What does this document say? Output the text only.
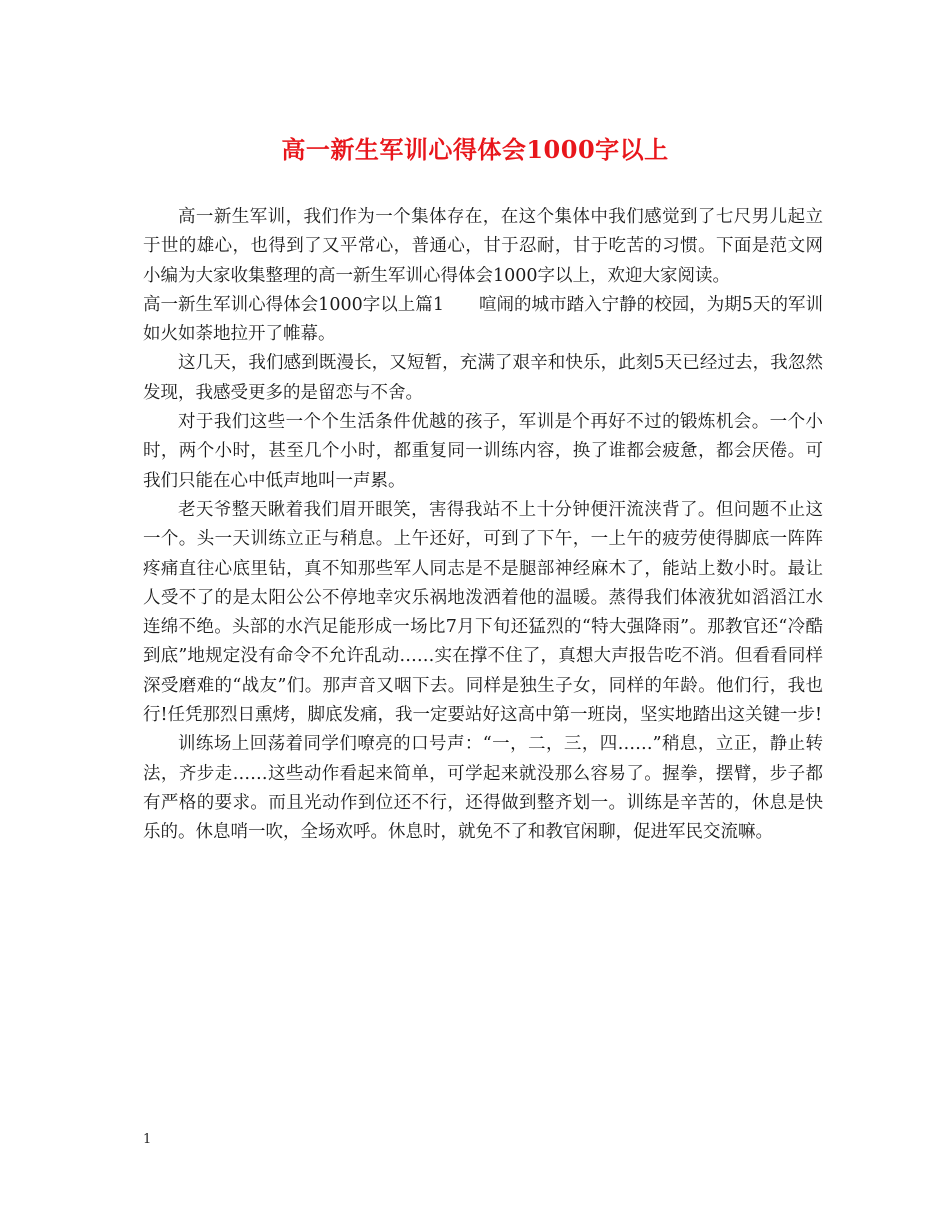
高一新生军训心得体会1000字以上

高一新生军训，我们作为一个集体存在，在这个集体中我们感觉到了七尺男儿起立于世的雄心，也得到了又平常心，普通心，甘于忍耐，甘于吃苦的习惯。下面是范文网小编为大家收集整理的高一新生军训心得体会1000字以上，欢迎大家阅读。

高一新生军训心得体会1000字以上篇1　　喧闹的城市踏入宁静的校园，为期5天的军训如火如荼地拉开了帷幕。

这几天，我们感到既漫长，又短暂，充满了艰辛和快乐，此刻5天已经过去，我忽然发现，我感受更多的是留恋与不舍。

对于我们这些一个个生活条件优越的孩子，军训是个再好不过的锻炼机会。一个小时，两个小时，甚至几个小时，都重复同一训练内容，换了谁都会疲惫，都会厌倦。可我们只能在心中低声地叫一声累。

老天爷整天瞅着我们眉开眼笑，害得我站不上十分钟便汗流浃背了。但问题不止这一个。头一天训练立正与稍息。上午还好，可到了下午，一上午的疲劳使得脚底一阵阵疼痛直往心底里钻，真不知那些军人同志是不是腿部神经麻木了，能站上数小时。最让人受不了的是太阳公公不停地幸灾乐祸地泼洒着他的温暖。蒸得我们体液犹如滔滔江水连绵不绝。头部的水汽足能形成一场比7月下旬还猛烈的“特大强降雨”。那教官还“冷酷到底”地规定没有命令不允许乱动……实在撑不住了，真想大声报告吃不消。但看看同样深受磨难的“战友”们。那声音又咽下去。同样是独生子女，同样的年龄。他们行，我也行!任凭那烈日熏烤，脚底发痛，我一定要站好这高中第一班岗，坚实地踏出这关键一步!

训练场上回荡着同学们嘹亮的口号声：“一，二，三，四……”稍息，立正，静止转法，齐步走……这些动作看起来简单，可学起来就没那么容易了。握拳，摆臂，步子都有严格的要求。而且光动作到位还不行，还得做到整齐划一。训练是辛苦的，休息是快乐的。休息哨一吹，全场欢呼。休息时，就免不了和教官闲聊，促进军民交流嘛。

1
